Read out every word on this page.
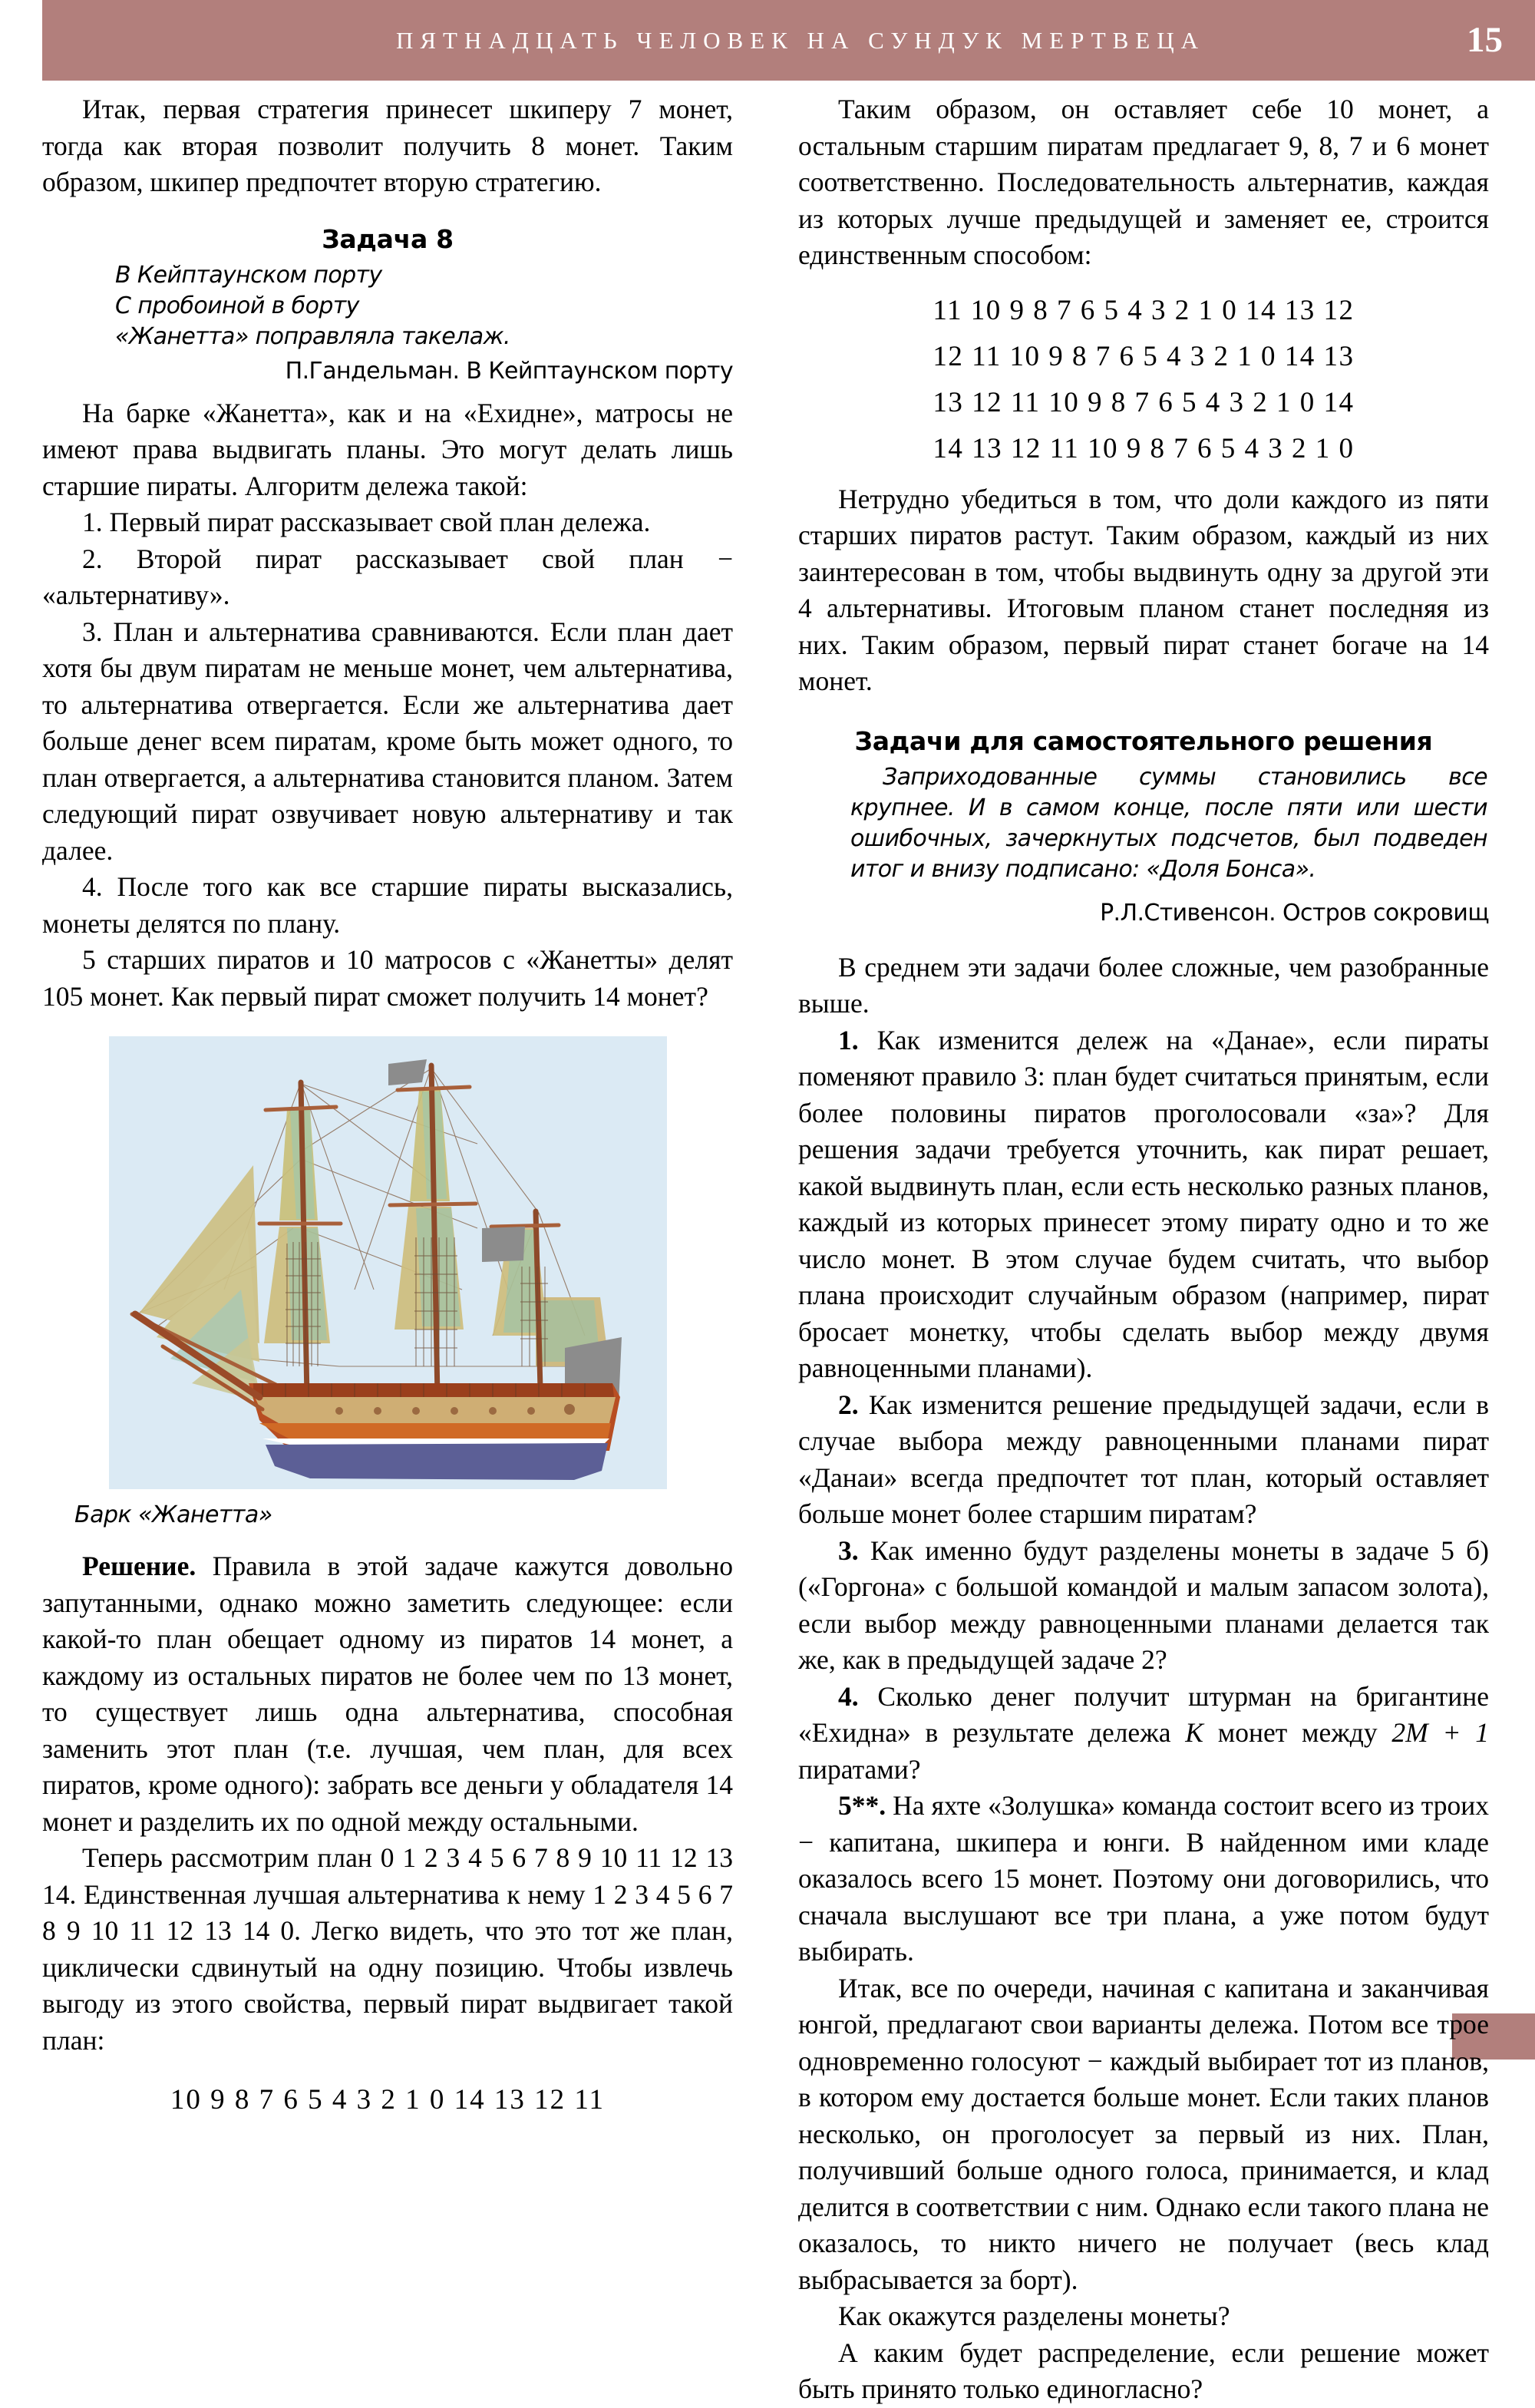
ПЯТНАДЦАТЬ ЧЕЛОВЕК НА СУНДУК МЕРТВЕЦА	15

Итак, первая стратегия принесет шкиперу 7 монет, тогда как вторая позволит получить 8 монет. Таким образом, шкипер предпочтет вторую стратегию.

Задача 8
В Кейптаунском порту
С пробоиной в борту
«Жанетта» поправляла такелаж.
П.Гандельман. В Кейптаунском порту

На барке «Жанетта», как и на «Ехидне», матросы не имеют права выдвигать планы. Это могут делать лишь старшие пираты. Алгоритм дележа такой:

1. Первый пират рассказывает свой план дележа.

2. Второй пират рассказывает свой план − «альтернативу».

3. План и альтернатива сравниваются. Если план дает хотя бы двум пиратам не меньше монет, чем альтернатива, то альтернатива отвергается. Если же альтернатива дает больше денег всем пиратам, кроме быть может одного, то план отвергается, а альтернатива становится планом. Затем следующий пират озвучивает новую альтернативу и так далее.

4. После того как все старшие пираты высказались, монеты делятся по плану.

5 старших пиратов и 10 матросов с «Жанетты» делят 105 монет. Как первый пират сможет получить 14 монет?

Барк «Жанетта»

Решение. Правила в этой задаче кажутся довольно запутанными, однако можно заметить следующее: если какой-то план обещает одному из пиратов 14 монет, а каждому из остальных пиратов не более чем по 13 монет, то существует лишь одна альтернатива, способная заменить этот план (т.е. лучшая, чем план, для всех пиратов, кроме одного): забрать все деньги у обладателя 14 монет и разделить их по одной между остальными.

Теперь рассмотрим план 0 1 2 3 4 5 6 7 8 9 10 11 12 13 14. Единственная лучшая альтернатива к нему 1 2 3 4 5 6 7 8 9 10 11 12 13 14 0. Легко видеть, что это тот же план, циклически сдвинутый на одну позицию. Чтобы извлечь выгоду из этого свойства, первый пират выдвигает такой план:

10 9 8 7 6 5 4 3 2 1 0 14 13 12 11

Таким образом, он оставляет себе 10 монет, а остальным старшим пиратам предлагает 9, 8, 7 и 6 монет соответственно. Последовательность альтернатив, каждая из которых лучше предыдущей и заменяет ее, строится единственным способом:

11 10 9 8 7 6 5 4 3 2 1 0 14 13 12

12 11 10 9 8 7 6 5 4 3 2 1 0 14 13

13 12 11 10 9 8 7 6 5 4 3 2 1 0 14

14 13 12 11 10 9 8 7 6 5 4 3 2 1 0

Нетрудно убедиться в том, что доли каждого из пяти старших пиратов растут. Таким образом, каждый из них заинтересован в том, чтобы выдвинуть одну за другой эти 4 альтернативы. Итоговым планом станет последняя из них. Таким образом, первый пират станет богаче на 14 монет.

Задачи для самостоятельного решения
Заприходованные суммы становились все крупнее. И в самом конце, после пяти или шести ошибочных, зачеркнутых подсчетов, был подведен итог и внизу подписано: «Доля Бонса».
Р.Л.Стивенсон. Остров сокровищ

В среднем эти задачи более сложные, чем разобранные выше.

1. Как изменится дележ на «Данае», если пираты поменяют правило 3: план будет считаться принятым, если более половины пиратов проголосовали «за»? Для решения задачи требуется уточнить, как пират решает, какой выдвинуть план, если есть несколько разных планов, каждый из которых принесет этому пирату одно и то же число монет. В этом случае будем считать, что выбор плана происходит случайным образом (например, пират бросает монетку, чтобы сделать выбор между двумя равноценными планами).

2. Как изменится решение предыдущей задачи, если в случае выбора между равноценными планами пират «Данаи» всегда предпочтет тот план, который оставляет больше монет более старшим пиратам?

3. Как именно будут разделены монеты в задаче 5 б) («Горгона» с большой командой и малым запасом золота), если выбор между равноценными планами делается так же, как в предыдущей задаче 2?

4. Сколько денег получит штурман на бригантине «Ехидна» в результате дележа K монет между 2M + 1 пиратами?

5**. На яхте «Золушка» команда состоит всего из троих − капитана, шкипера и юнги. В найденном ими кладе оказалось всего 15 монет. Поэтому они договорились, что сначала выслушают все три плана, а уже потом будут выбирать.

Итак, все по очереди, начиная с капитана и заканчивая юнгой, предлагают свои варианты дележа. Потом все трое одновременно голосуют − каждый выбирает тот из планов, в котором ему достается больше монет. Если таких планов несколько, он проголосует за первый из них. План, получивший больше одного голоса, принимается, и клад делится в соответствии с ним. Однако если такого плана не оказалось, то никто ничего не получает (весь клад выбрасывается за борт).

Как окажутся разделены монеты?

А каким будет распределение, если решение может быть принято только единогласно?
